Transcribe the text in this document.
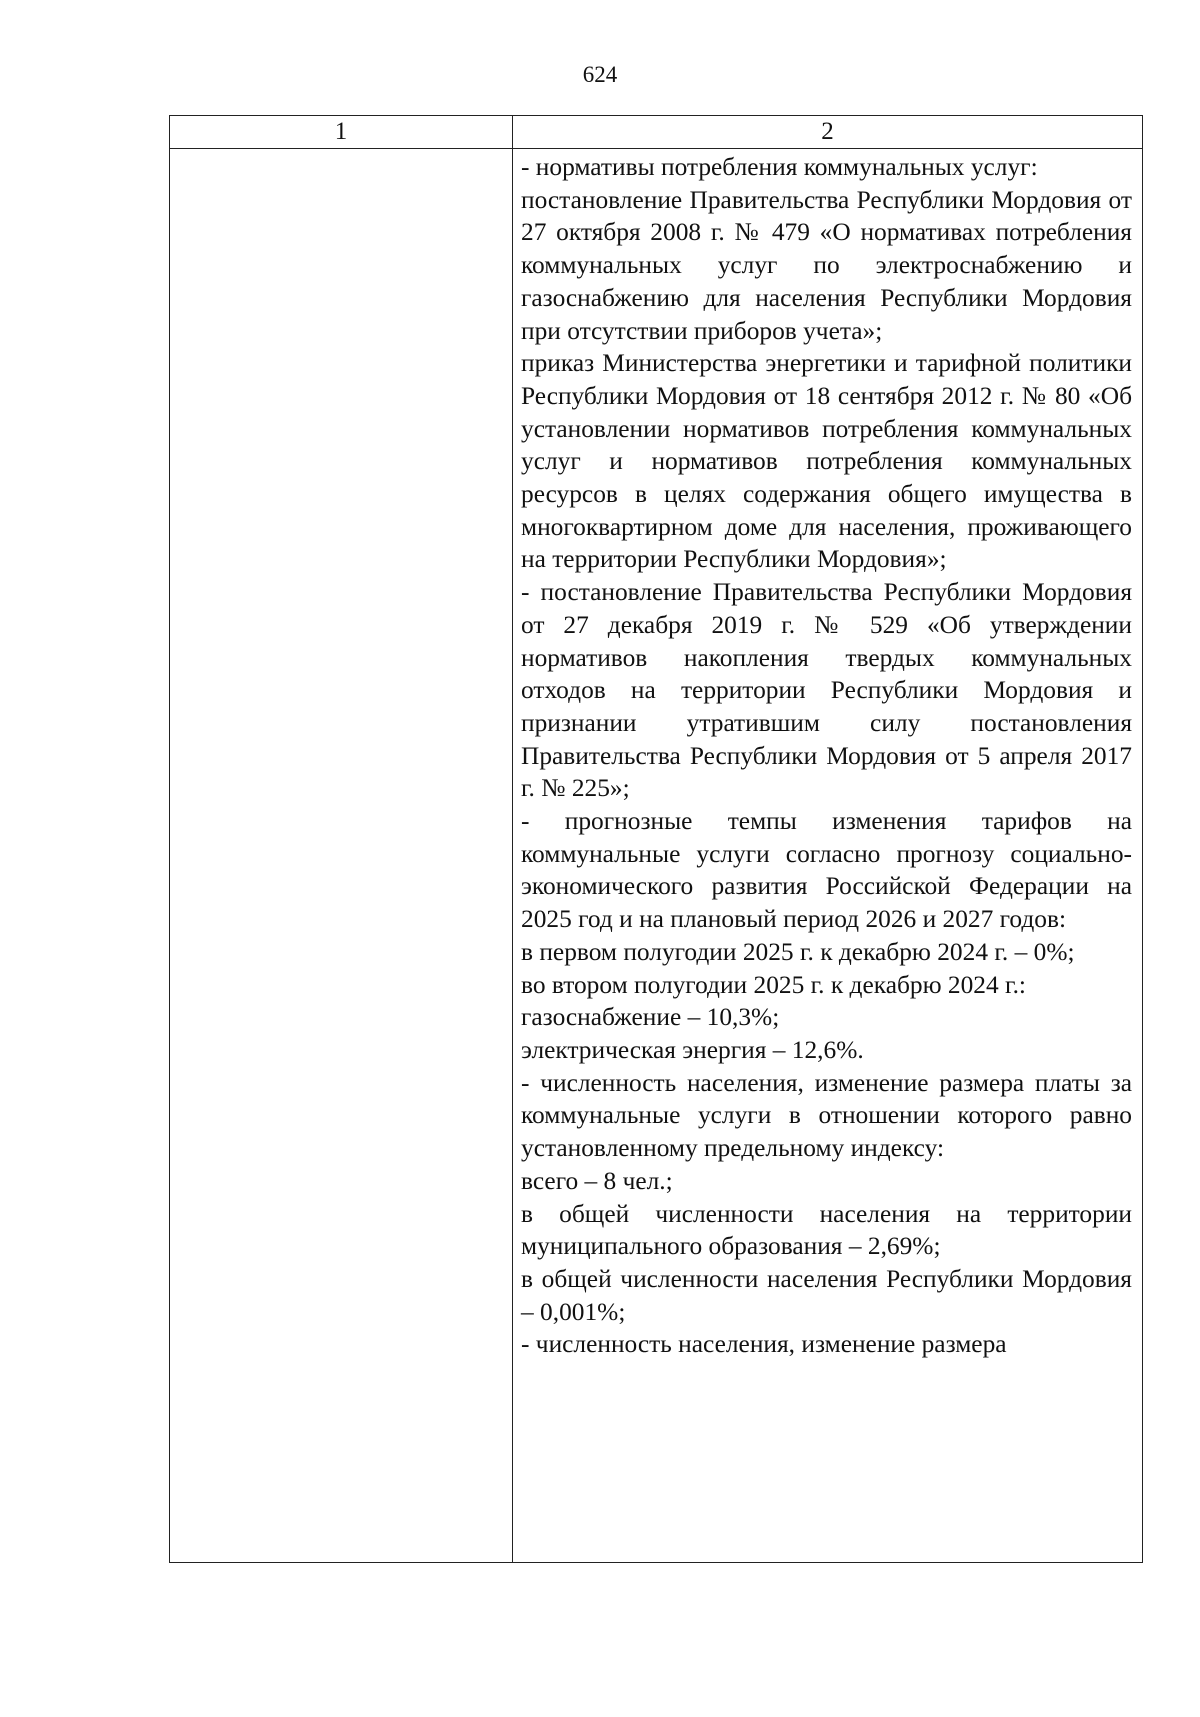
624
1	2

- нормативы потребления коммунальных услуг:

постановление Правительства Республики Мордовия от 27 октября 2008 г. № 479 «О нормативах потребления коммунальных услуг по электроснабжению и газоснабжению для населения Республики Мордовия при отсутствии приборов учета»;

приказ Министерства энергетики и тарифной политики Республики Мордовия от 18 сентября 2012 г. № 80 «Об установлении нормативов потребления коммунальных услуг и нормативов потребления коммунальных ресурсов в целях содержания общего имущества в многоквартирном доме для населения, проживающего на территории Республики Мордовия»;

- постановление Правительства Республики Мордовия от 27 декабря 2019 г. № 529 «Об утверждении нормативов накопления твердых коммунальных отходов на территории Республики Мордовия и признании утратившим силу постановления Правительства Республики Мордовия от 5 апреля 2017 г. № 225»;

- прогнозные темпы изменения тарифов на коммунальные услуги согласно прогнозу социально-экономического развития Российской Федерации на 2025 год и на плановый период 2026 и 2027 годов:

в первом полугодии 2025 г. к декабрю 2024 г. – 0%;

во втором полугодии 2025 г. к декабрю 2024 г.:

газоснабжение – 10,3%;

электрическая энергия – 12,6%.

- численность населения, изменение размера платы за коммунальные услуги в отношении которого равно установленному предельному индексу:

всего – 8 чел.;

в общей численности населения на территории муниципального образования – 2,69%;

в общей численности населения Республики Мордовия – 0,001%;

- численность населения, изменение размера
